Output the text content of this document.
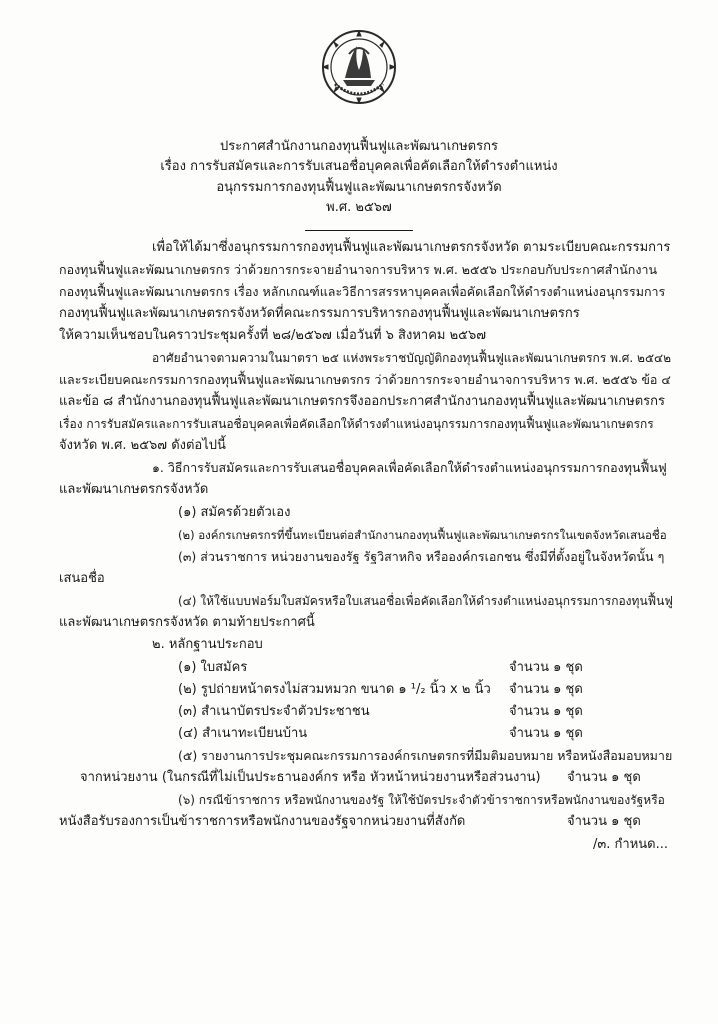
ประกาศสำนักงานกองทุนฟื้นฟูและพัฒนาเกษตรกร
เรื่อง การรับสมัครและการรับเสนอชื่อบุคคลเพื่อคัดเลือกให้ดำรงตำแหน่ง
อนุกรรมการกองทุนฟื้นฟูและพัฒนาเกษตรกรจังหวัด
พ.ศ. ๒๕๖๗
เพื่อให้ได้มาซึ่งอนุกรรมการกองทุนฟื้นฟูและพัฒนาเกษตรกรจังหวัด ตามระเบียบคณะกรรมการ
กองทุนฟื้นฟูและพัฒนาเกษตรกร ว่าด้วยการกระจายอำนาจการบริหาร พ.ศ. ๒๕๕๖ ประกอบกับประกาศสำนักงาน
กองทุนฟื้นฟูและพัฒนาเกษตรกร เรื่อง หลักเกณฑ์และวิธีการสรรหาบุคคลเพื่อคัดเลือกให้ดำรงตำแหน่งอนุกรรมการ
กองทุนฟื้นฟูและพัฒนาเกษตรกรจังหวัดที่คณะกรรมการบริหารกองทุนฟื้นฟูและพัฒนาเกษตรกร
ให้ความเห็นชอบในคราวประชุมครั้งที่ ๒๘/๒๕๖๗ เมื่อวันที่ ๖ สิงหาคม ๒๕๖๗
อาศัยอำนาจตามความในมาตรา ๒๕ แห่งพระราชบัญญัติกองทุนฟื้นฟูและพัฒนาเกษตรกร พ.ศ. ๒๕๔๒
และระเบียบคณะกรรมการกองทุนฟื้นฟูและพัฒนาเกษตรกร ว่าด้วยการกระจายอำนาจการบริหาร พ.ศ. ๒๕๕๖ ข้อ ๔
และข้อ ๘ สำนักงานกองทุนฟื้นฟูและพัฒนาเกษตรกรจึงออกประกาศสำนักงานกองทุนฟื้นฟูและพัฒนาเกษตรกร
เรื่อง การรับสมัครและการรับเสนอชื่อบุคคลเพื่อคัดเลือกให้ดำรงตำแหน่งอนุกรรมการกองทุนฟื้นฟูและพัฒนาเกษตรกร
จังหวัด พ.ศ. ๒๕๖๗ ดังต่อไปนี้
๑. วิธีการรับสมัครและการรับเสนอชื่อบุคคลเพื่อคัดเลือกให้ดำรงตำแหน่งอนุกรรมการกองทุนฟื้นฟู
และพัฒนาเกษตรกรจังหวัด
(๑) สมัครด้วยตัวเอง
(๒) องค์กรเกษตรกรที่ขึ้นทะเบียนต่อสำนักงานกองทุนฟื้นฟูและพัฒนาเกษตรกรในเขตจังหวัดเสนอชื่อ
(๓) ส่วนราชการ หน่วยงานของรัฐ รัฐวิสาหกิจ หรือองค์กรเอกชน ซึ่งมีที่ตั้งอยู่ในจังหวัดนั้น ๆ
เสนอชื่อ
(๔) ให้ใช้แบบฟอร์มใบสมัครหรือใบเสนอชื่อเพื่อคัดเลือกให้ดำรงตำแหน่งอนุกรรมการกองทุนฟื้นฟู
และพัฒนาเกษตรกรจังหวัด ตามท้ายประกาศนี้
๒. หลักฐานประกอบ
(๑) ใบสมัคร	จำนวน ๑ ชุด
(๒) รูปถ่ายหน้าตรงไม่สวมหมวก ขนาด ๑ ¹/₂ นิ้ว x ๒ นิ้ว จำนวน ๑ ชุด
(๓) สำเนาบัตรประจำตัวประชาชน	จำนวน ๑ ชุด
(๔) สำเนาทะเบียนบ้าน	จำนวน ๑ ชุด
(๕) รายงานการประชุมคณะกรรมการองค์กรเกษตรกรที่มีมติมอบหมาย หรือหนังสือมอบหมาย
จากหน่วยงาน (ในกรณีที่ไม่เป็นประธานองค์กร หรือ หัวหน้าหน่วยงานหรือส่วนงาน) จำนวน ๑ ชุด
(๖) กรณีข้าราชการ หรือพนักงานของรัฐ ให้ใช้บัตรประจำตัวข้าราชการหรือพนักงานของรัฐหรือ
หนังสือรับรองการเป็นข้าราชการหรือพนักงานของรัฐจากหน่วยงานที่สังกัด	จำนวน ๑ ชุด
/๓. กำหนด...
